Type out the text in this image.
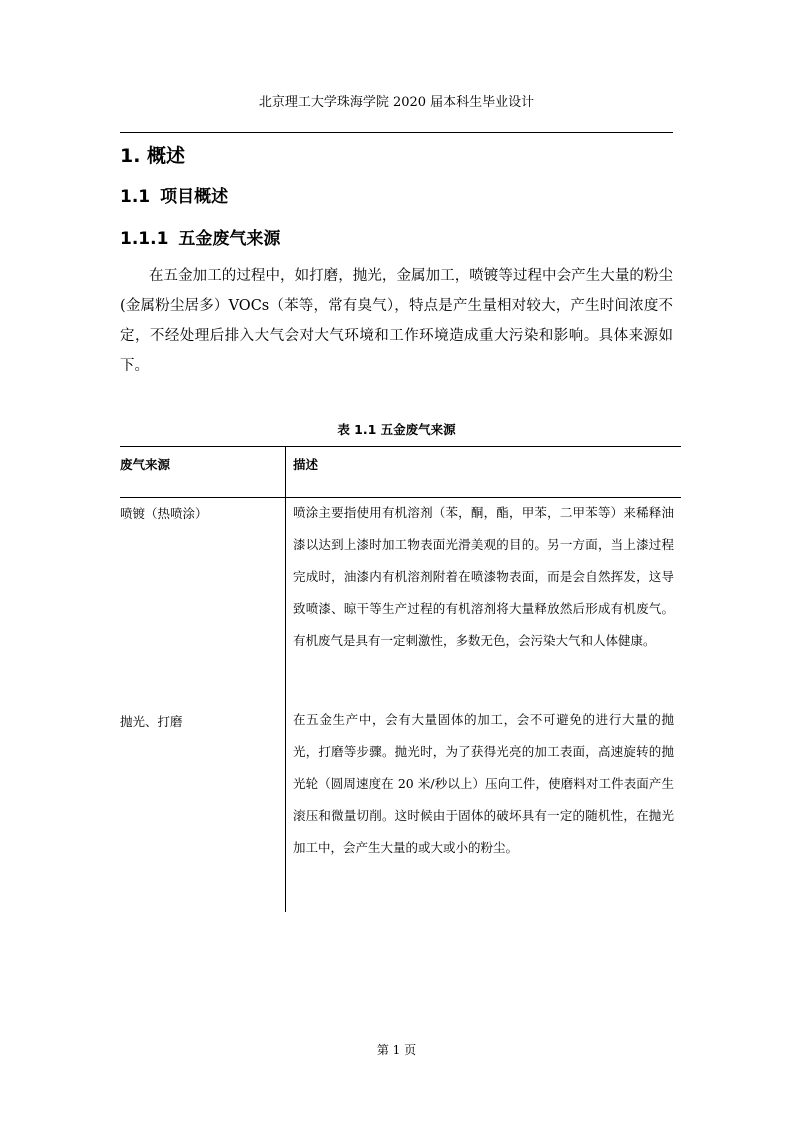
北京理工大学珠海学院 2020 届本科生毕业设计
1. 概述
1.1 项目概述
1.1.1 五金废气来源
在五金加工的过程中，如打磨，抛光，金属加工，喷镀等过程中会产生大量的粉尘(金属粉尘居多）VOCs（苯等，常有臭气），特点是产生量相对较大，产生时间浓度不定，不经处理后排入大气会对大气环境和工作环境造成重大污染和影响。具体来源如下。
表 1.1 五金废气来源
废气来源	描述
喷镀（热喷涂）	喷涂主要指使用有机溶剂（苯，酮，酯，甲苯，二甲苯等）来稀释油漆以达到上漆时加工物表面光滑美观的目的。另一方面，当上漆过程完成时，油漆内有机溶剂附着在喷漆物表面，而是会自然挥发，这导致喷漆、晾干等生产过程的有机溶剂将大量释放然后形成有机废气。有机废气是具有一定刺激性，多数无色，会污染大气和人体健康。
抛光、打磨	在五金生产中，会有大量固体的加工，会不可避免的进行大量的抛光，打磨等步骤。抛光时，为了获得光亮的加工表面，高速旋转的抛光轮（圆周速度在 20 米/秒以上）压向工件，使磨料对工件表面产生滚压和微量切削。这时候由于固体的破坏具有一定的随机性，在抛光加工中，会产生大量的或大或小的粉尘。
第 1 页
